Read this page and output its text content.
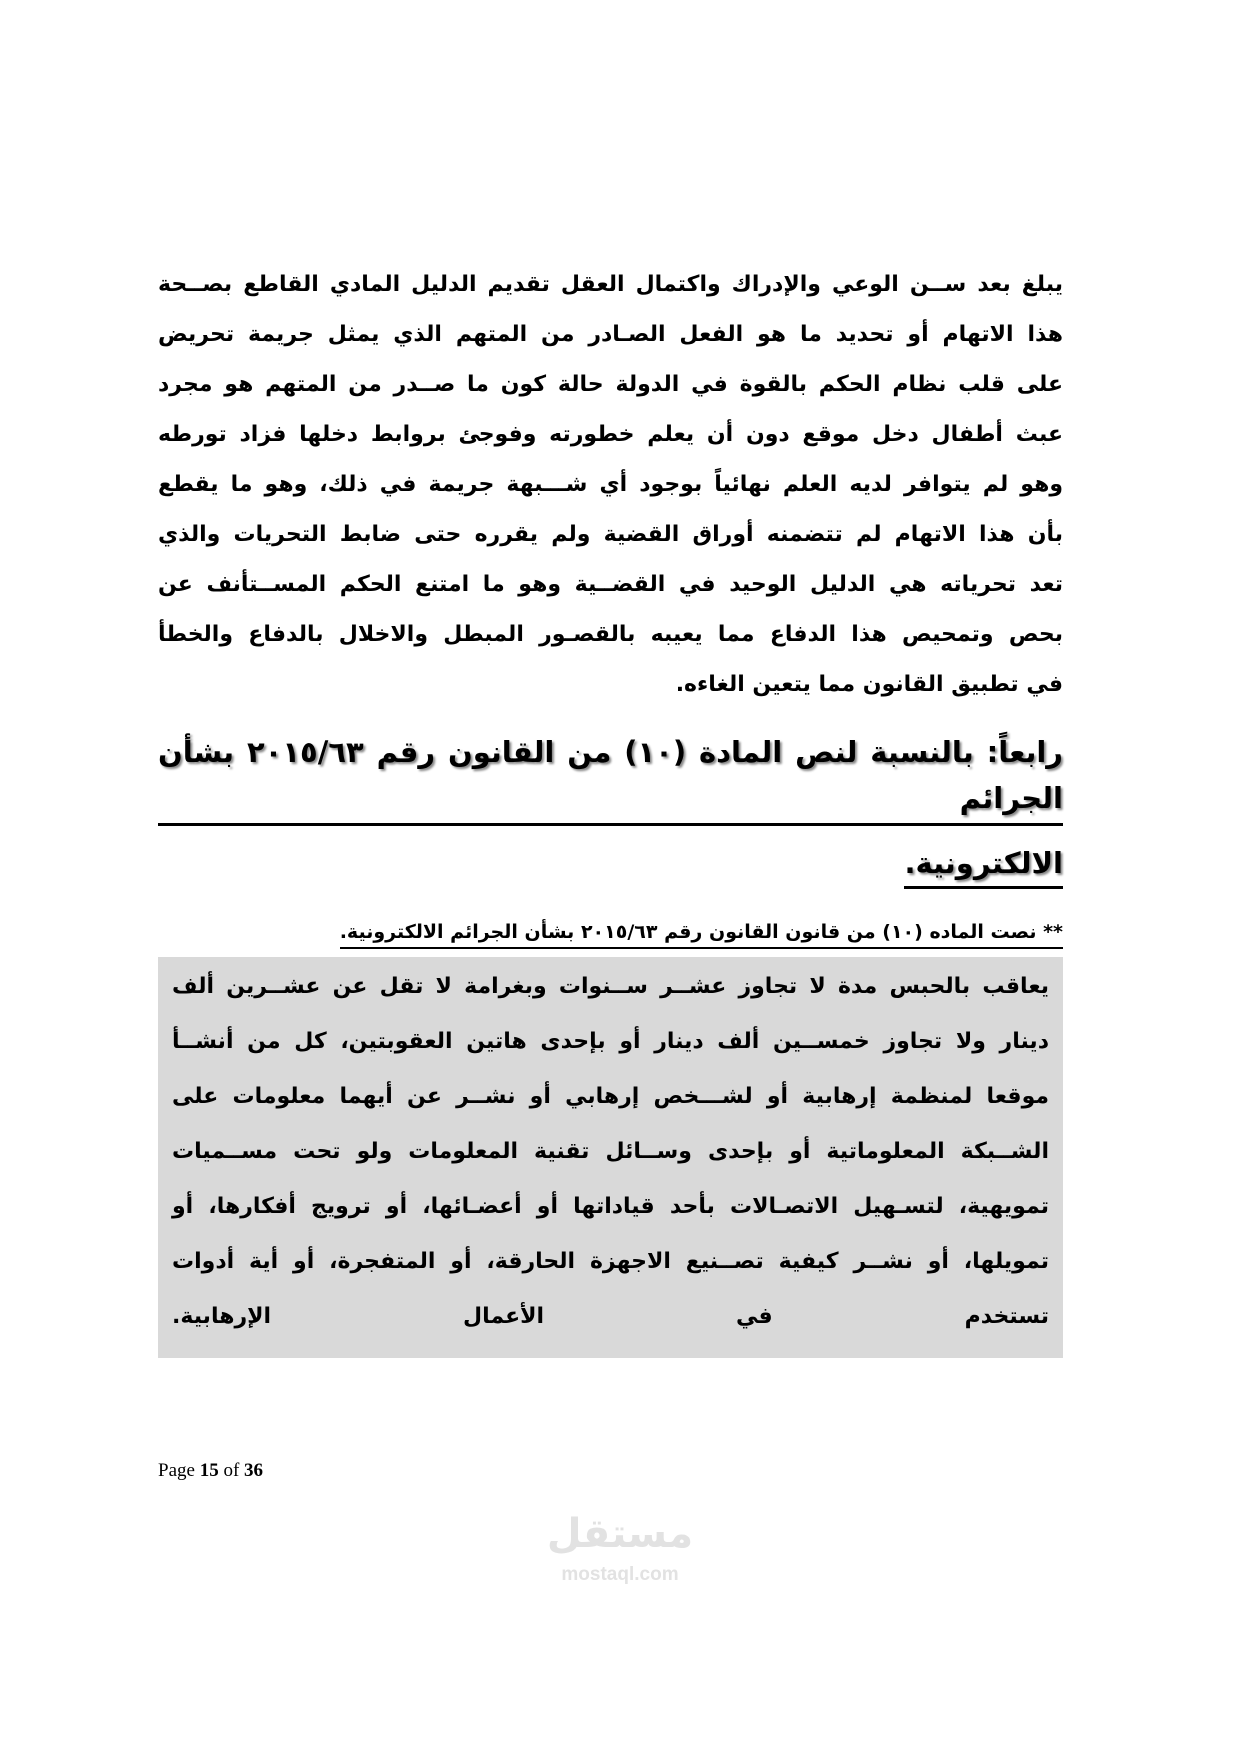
يبلغ بعد ســن الوعي والإدراك واكتمال العقل تقديم الدليل المادي القاطع بصــحة
هذا الاتهام أو تحديد ما هو الفعل الصـادر من المتهم الذي يمثل جريمة تحريض
على قلب نظام الحكم بالقوة في الدولة حالة كون ما صــدر من المتهم هو مجرد
عبث أطفال دخل موقع دون أن يعلم خطورته وفوجئ بروابط دخلها فزاد تورطه
وهو لم يتوافر لديه العلم نهائياً بوجود أي شـــبهة جريمة في ذلك، وهو ما يقطع
بأن هذا الاتهام لم تتضمنه أوراق القضية ولم يقرره حتى ضابط التحريات والذي
تعد تحرياته هي الدليل الوحيد في القضــية وهو ما امتنع الحكم المســتأنف عن
بحص وتمحيص هذا الدفاع مما يعيبه بالقصـور المبطل والاخلال بالدفاع والخطأ
في تطبيق القانون مما يتعين الغاءه.
رابعاً: بالنسبة لنص المادة (١٠) من القانون رقم ٢٠١٥/٦٣ بشأن الجرائم
الالكترونية.
** نصت الماده (١٠) من قانون القانون رقم ٢٠١٥/٦٣ بشأن الجرائم الالكترونية.
يعاقب بالحبس مدة لا تجاوز عشــر ســنوات وبغرامة لا تقل عن عشــرين ألف
دينار ولا تجاوز خمســين ألف دينار أو بإحدى هاتين العقوبتين، كل من أنشــأ
موقعا لمنظمة إرهابية أو لشـــخص إرهابي أو نشــر عن أيهما معلومات على
الشــبكة المعلوماتية أو بإحدى وســائل تقنية المعلومات ولو تحت مســميات
تمويهية، لتسـهيل الاتصـالات بأحد قياداتها أو أعضـائها، أو ترويج أفكارها، أو
تمويلها، أو نشــر كيفية تصــنيع الاجهزة الحارقة، أو المتفجرة، أو أية أدوات
تستخدم في الأعمال الإرهابية.
Page 15 of 36
مستقل
mostaql.com
